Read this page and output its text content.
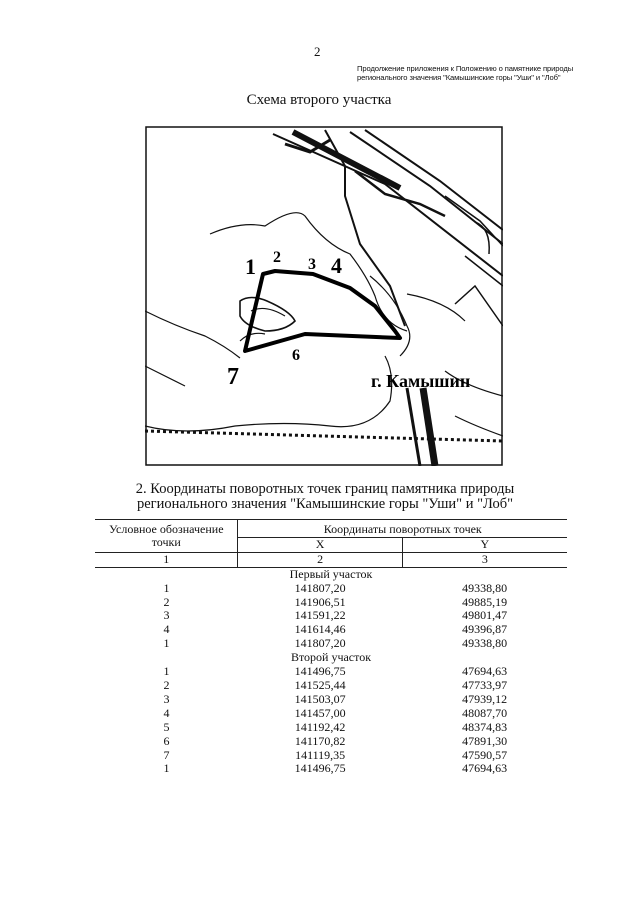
2
Продолжение приложения к Положению о памятнике природы
регионального значения "Камышинские горы "Уши" и "Лоб"
Схема второго участка
1 2 3 4
6
7	г. Камышин
2. Координаты поворотных точек границ памятника природы
регионального значения "Камышинские горы "Уши" и "Лоб"
Условное обозначение
точки	Координаты поворотных точек	
	X	Y
1	2	3
Первый участок		
1	141807,20	49338,80
2	141906,51	49885,19
3	141591,22	49801,47
4	141614,46	49396,87
1	141807,20	49338,80
Второй участок		
1	141496,75	47694,63
2	141525,44	47733,97
3	141503,07	47939,12
4	141457,00	48087,70
5	141192,42	48374,83
6	141170,82	47891,30
7	141119,35	47590,57
1	141496,75	47694,63
